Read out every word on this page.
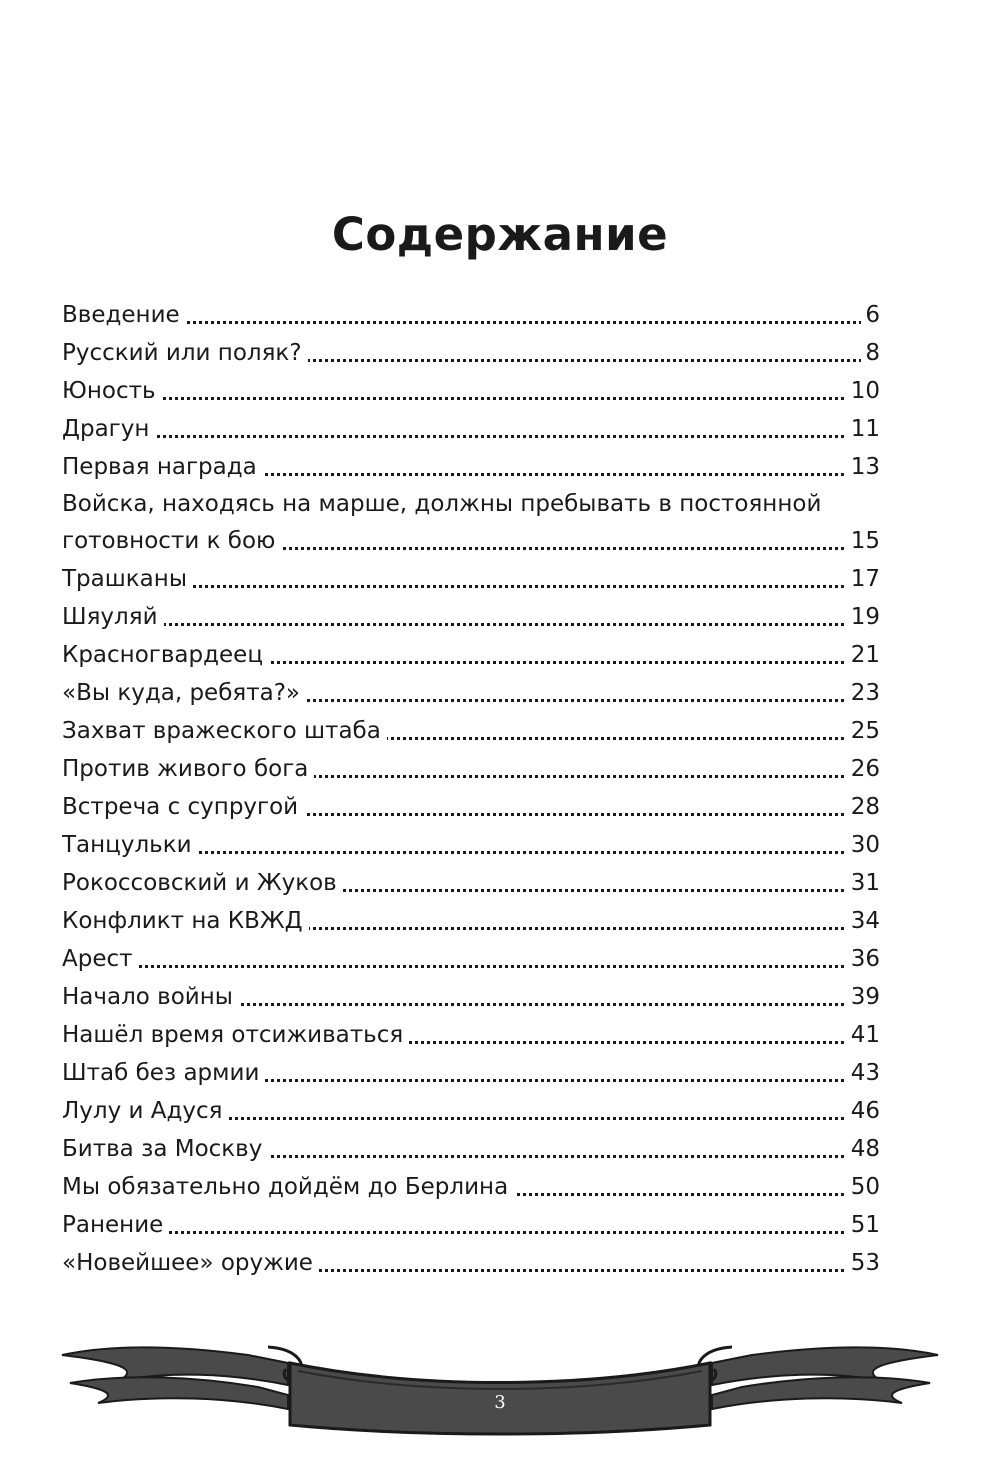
Содержание
Введение	6
Русский или поляк?	8
Юность	10
Драгун	11
Первая награда	13
Войска, находясь на марше, должны пребывать в постоянной
готовности к бою	15
Трашканы	17
Шяуляй	19
Красногвардеец	21
«Вы куда, ребята?»	23
Захват вражеского штаба	25
Против живого бога	26
Встреча с супругой	28
Танцульки	30
Рокоссовский и Жуков	31
Конфликт на КВЖД	34
Арест	36
Начало войны	39
Нашёл время отсиживаться	41
Штаб без армии	43
Лулу и Адуся	46
Битва за Москву	48
Мы обязательно дойдём до Берлина	50
Ранение	51
«Новейшее» оружие	53
3
